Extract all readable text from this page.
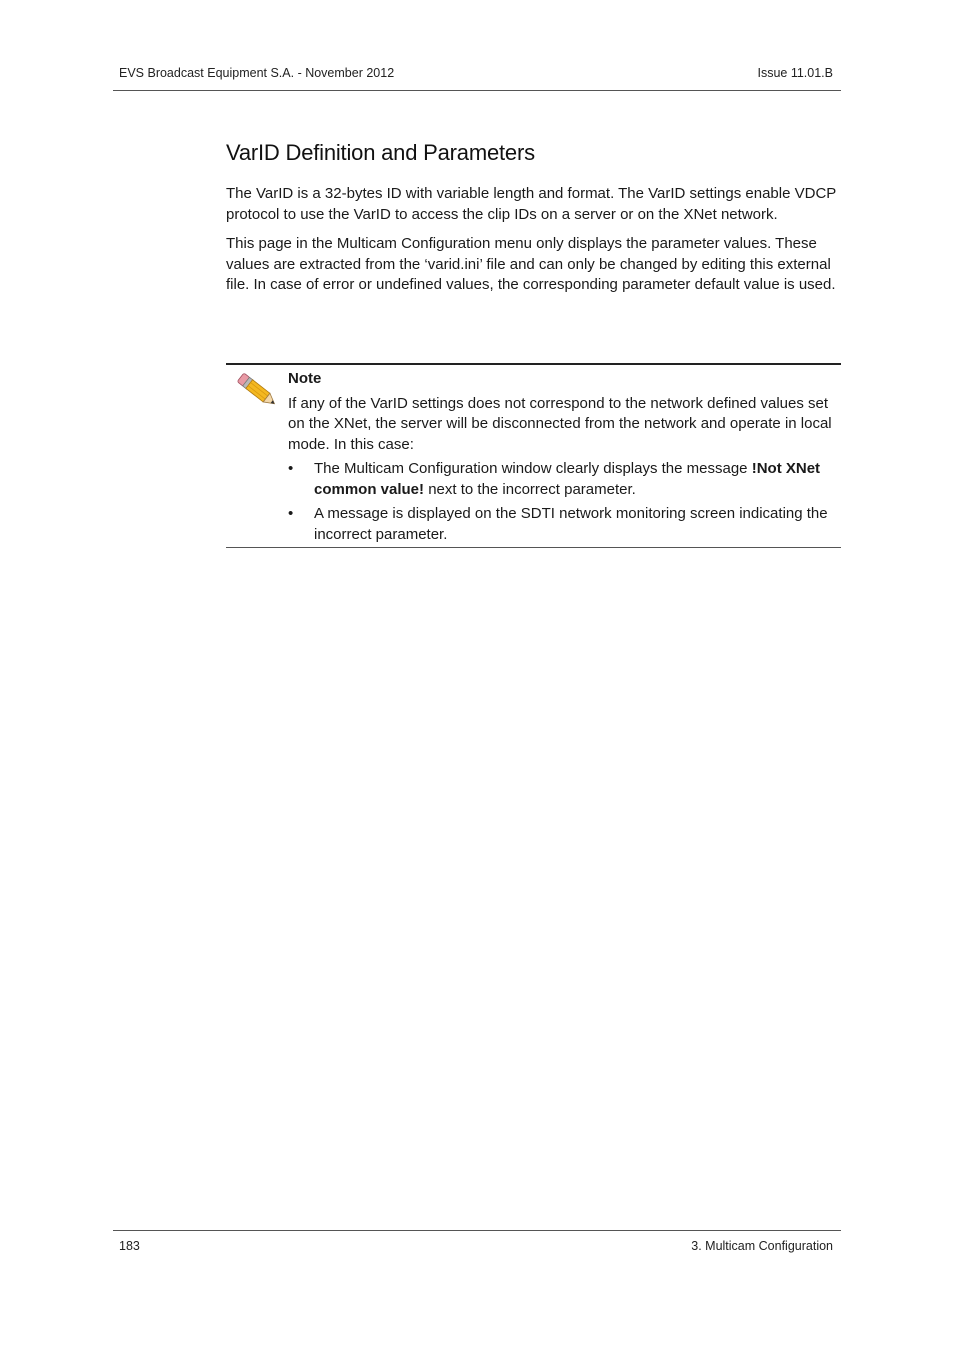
EVS Broadcast Equipment S.A. - November 2012	Issue 11.01.B
VarID Definition and Parameters

The VarID is a 32-bytes ID with variable length and format. The VarID settings enable VDCP protocol to use the VarID to access the clip IDs on a server or on the XNet network.

This page in the Multicam Configuration menu only displays the parameter values. These values are extracted from the ‘varid.ini’ file and can only be changed by editing this external file. In case of error or undefined values, the corresponding parameter default value is used.

Note

If any of the VarID settings does not correspond to the network defined values set on the XNet, the server will be disconnected from the network and operate in local mode. In this case:

• The Multicam Configuration window clearly displays the message !Not XNet common value! next to the incorrect parameter.
• A message is displayed on the SDTI network monitoring screen indicating the incorrect parameter.
183	3. Multicam Configuration
